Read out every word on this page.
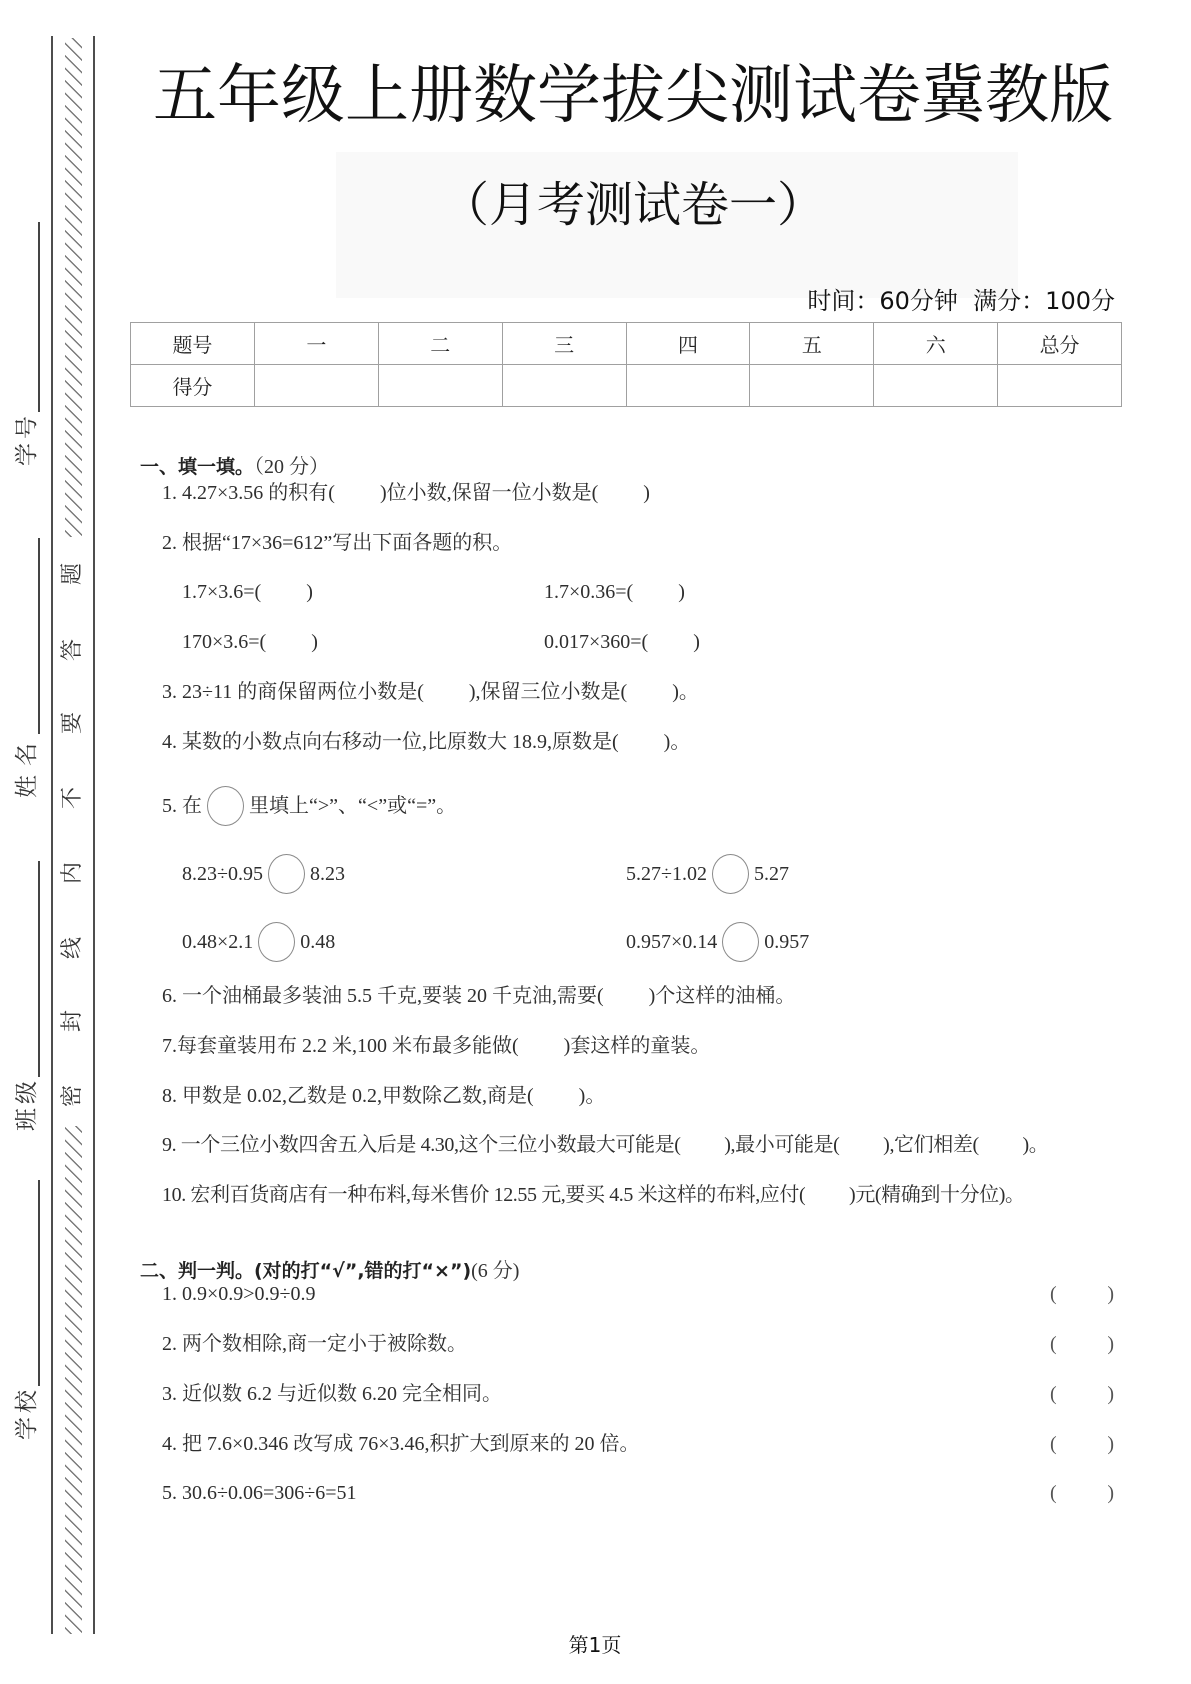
题
答
要
不
内
线
封
密
学号
姓名
班级
学校
五年级上册数学拔尖测试卷冀教版
（月考测试卷一）
时间：60分钟  满分：100分
题号	一	二	三	四	五	六	总分
得分							

一、填一填。（20 分）

1. 4.27×3.56 的积有(　　 )位小数,保留一位小数是(　　 )
2. 根据“17×36=612”写出下面各题的积。
1.7×3.6=(　　 )	1.7×0.36=(　　 )
170×3.6=(　　 )	0.017×360=(　　 )
3. 23÷11 的商保留两位小数是(　　 ),保留三位小数是(　　 )。
4. 某数的小数点向右移动一位,比原数大 18.9,原数是(　　 )。
5. 在 里填上“>”、“<”或“=”。
8.23÷0.95 8.23	5.27÷1.02 5.27
0.48×2.1 0.48	0.957×0.14 0.957
6. 一个油桶最多装油 5.5 千克,要装 20 千克油,需要(　　 )个这样的油桶。
7.每套童装用布 2.2 米,100 米布最多能做(　　 )套这样的童装。
8. 甲数是 0.02,乙数是 0.2,甲数除乙数,商是(　　 )。
9. 一个三位小数四舍五入后是 4.30,这个三位小数最大可能是(　　 ),最小可能是(　　 ),它们相差(　　 )。
10. 宏利百货商店有一种布料,每米售价 12.55 元,要买 4.5 米这样的布料,应付(　　 )元(精确到十分位)。

二、判一判。(对的打“√”,错的打“×”)(6 分)

1. 0.9×0.9>0.9÷0.9	(	)
2. 两个数相除,商一定小于被除数。	(	)
3. 近似数 6.2 与近似数 6.20 完全相同。	(	)
4. 把 7.6×0.346 改写成 76×3.46,积扩大到原来的 20 倍。	(	)
5. 30.6÷0.06=306÷6=51	(	)
第1页
